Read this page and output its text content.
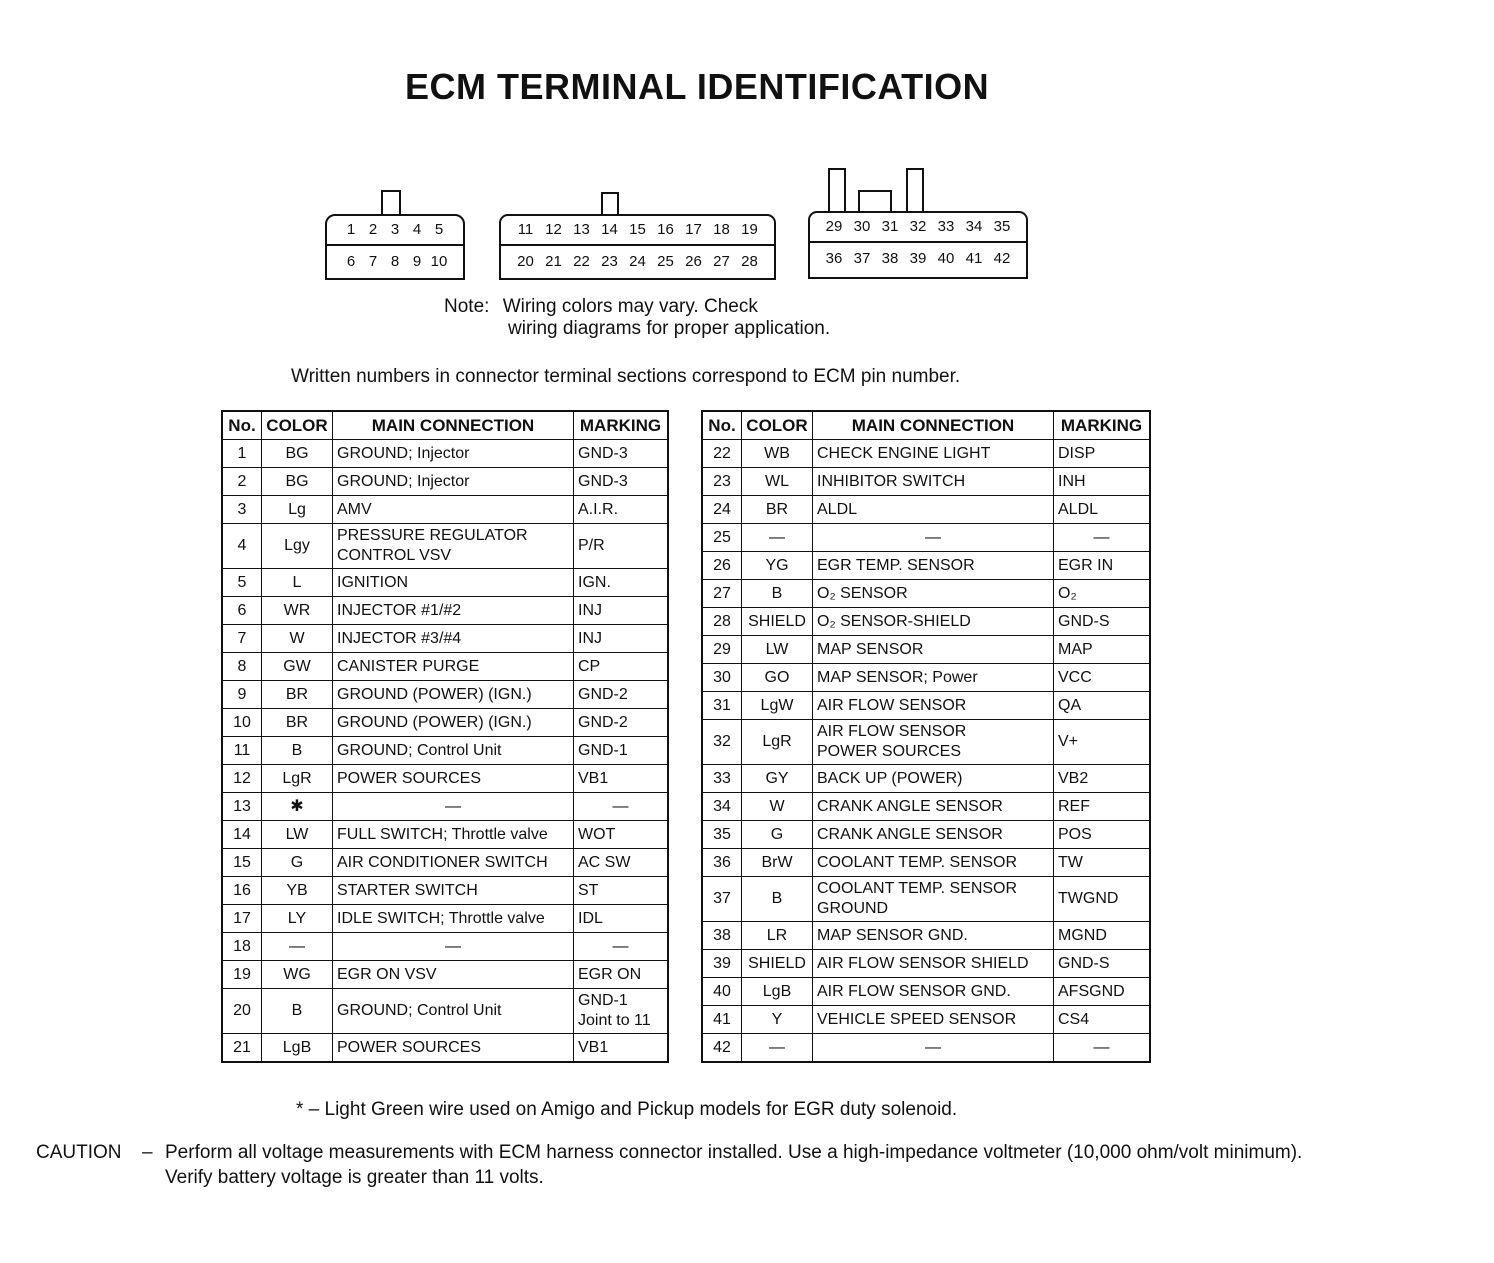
ECM TERMINAL IDENTIFICATION
1 2 3 4 5
6 7 8 9 10
11 12 13 14 15 16 17 18 19
20 21 22 23 24 25 26 27 28
29 30 31 32 33 34 35
36 37 38 39 40 41 42
Note: Wiring colors may vary. Check
wiring diagrams for proper application.
Written numbers in connector terminal sections correspond to ECM pin number.
No.	COLOR	MAIN CONNECTION	MARKING
1	BG	GROUND; Injector	GND-3
2	BG	GROUND; Injector	GND-3
3	Lg	AMV	A.I.R.
4	Lgy	PRESSURE REGULATOR
CONTROL VSV	P/R
5	L	IGNITION	IGN.
6	WR	INJECTOR #1/#2	INJ
7	W	INJECTOR #3/#4	INJ
8	GW	CANISTER PURGE	CP
9	BR	GROUND (POWER) (IGN.)	GND-2
10	BR	GROUND (POWER) (IGN.)	GND-2
11	B	GROUND; Control Unit	GND-1
12	LgR	POWER SOURCES	VB1
13	✱	—	—
14	LW	FULL SWITCH; Throttle valve	WOT
15	G	AIR CONDITIONER SWITCH	AC SW
16	YB	STARTER SWITCH	ST
17	LY	IDLE SWITCH; Throttle valve	IDL
18	—	—	—
19	WG	EGR ON VSV	EGR ON
20	B	GROUND; Control Unit	GND-1
Joint to 11
21	LgB	POWER SOURCES	VB1
No.	COLOR	MAIN CONNECTION	MARKING
22	WB	CHECK ENGINE LIGHT	DISP
23	WL	INHIBITOR SWITCH	INH
24	BR	ALDL	ALDL
25	—	—	—
26	YG	EGR TEMP. SENSOR	EGR IN
27	B	O₂ SENSOR	O₂
28	SHIELD	O₂ SENSOR-SHIELD	GND-S
29	LW	MAP SENSOR	MAP
30	GO	MAP SENSOR; Power	VCC
31	LgW	AIR FLOW SENSOR	QA
32	LgR	AIR FLOW SENSOR
POWER SOURCES	V+
33	GY	BACK UP (POWER)	VB2
34	W	CRANK ANGLE SENSOR	REF
35	G	CRANK ANGLE SENSOR	POS
36	BrW	COOLANT TEMP. SENSOR	TW
37	B	COOLANT TEMP. SENSOR
GROUND	TWGND
38	LR	MAP SENSOR GND.	MGND
39	SHIELD	AIR FLOW SENSOR SHIELD	GND-S
40	LgB	AIR FLOW SENSOR GND.	AFSGND
41	Y	VEHICLE SPEED SENSOR	CS4
42	—	—	—
* – Light Green wire used on Amigo and Pickup models for EGR duty solenoid.
CAUTION – Perform all voltage measurements with ECM harness connector installed. Use a high-impedance voltmeter (10,000 ohm/volt minimum).
Verify battery voltage is greater than 11 volts.
